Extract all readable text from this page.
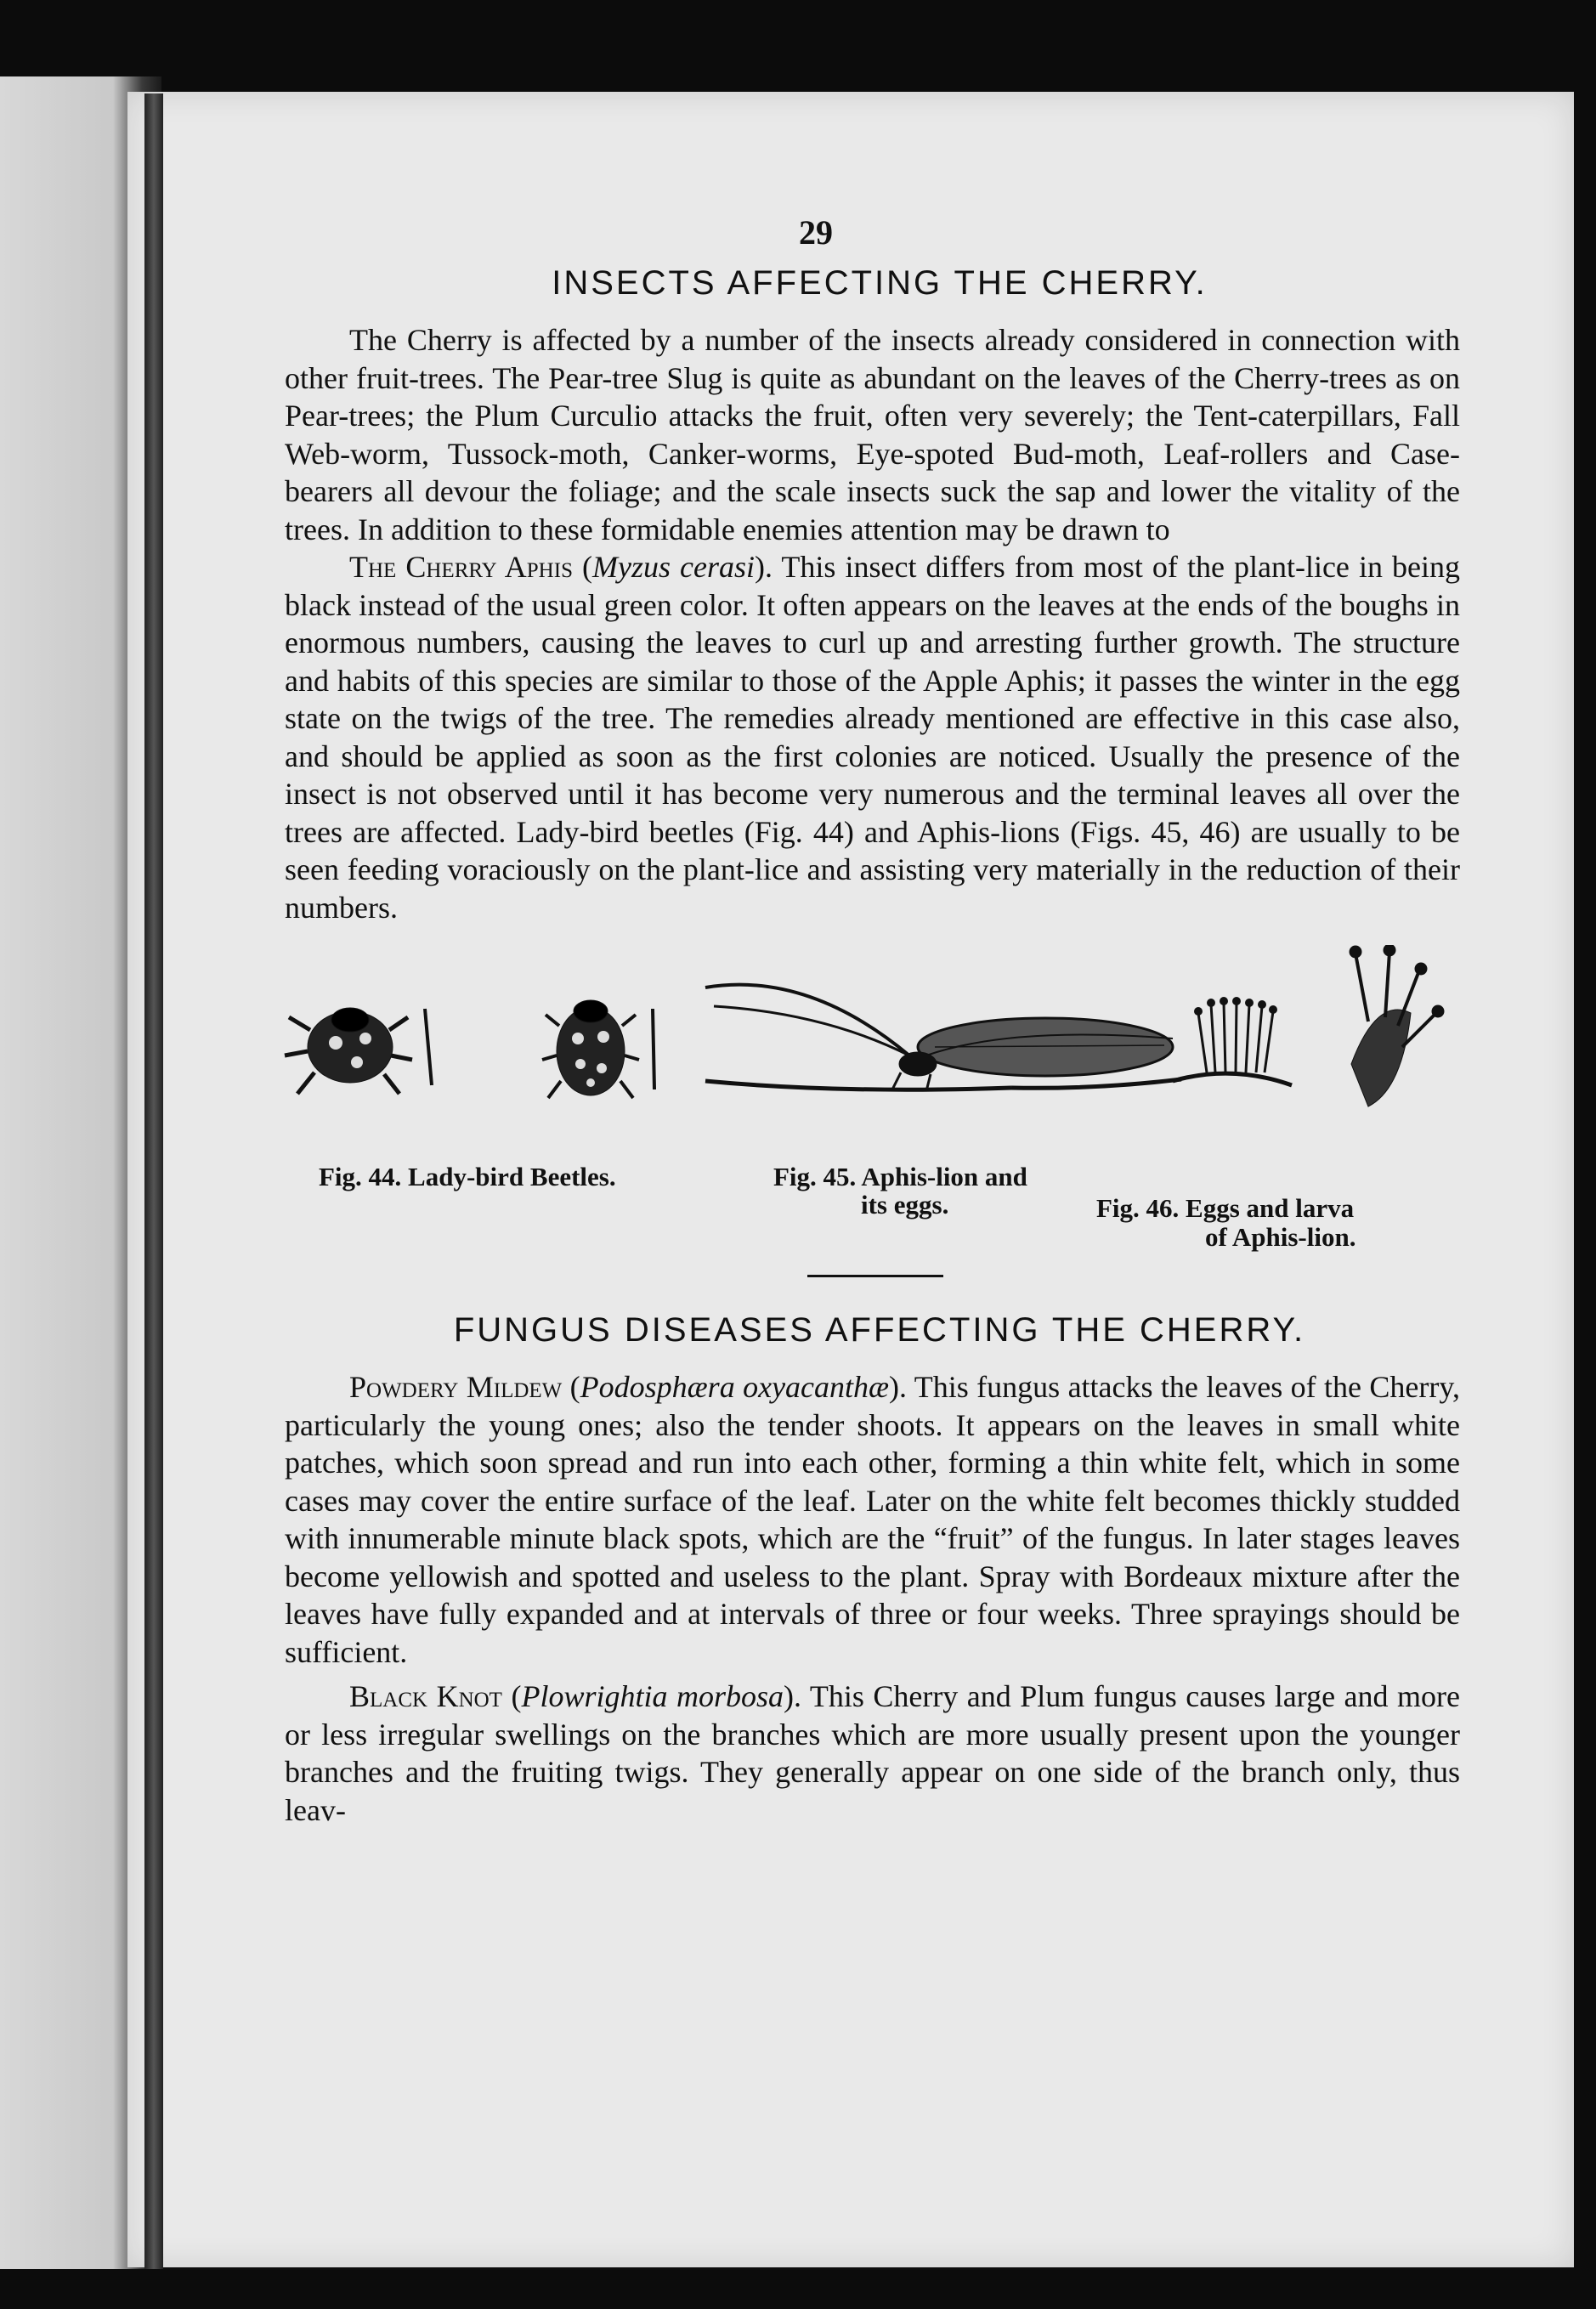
29
INSECTS AFFECTING THE CHERRY.

The Cherry is affected by a number of the insects already considered in connection with other fruit-trees. The Pear-tree Slug is quite as abundant on the leaves of the Cherry-trees as on Pear-trees; the Plum Curculio attacks the fruit, often very severely; the Tent-caterpillars, Fall Web-worm, Tussock-moth, Canker-worms, Eye-spoted Bud-moth, Leaf-rollers and Case-bearers all devour the foliage; and the scale insects suck the sap and lower the vitality of the trees. In addition to these formidable enemies attention may be drawn to

The Cherry Aphis (Myzus cerasi). This insect differs from most of the plant-lice in being black instead of the usual green color. It often appears on the leaves at the ends of the boughs in enormous numbers, causing the leaves to curl up and arresting further growth. The structure and habits of this species are similar to those of the Apple Aphis; it passes the winter in the egg state on the twigs of the tree. The remedies already mentioned are effective in this case also, and should be applied as soon as the first colonies are noticed. Usually the presence of the insect is not observed until it has become very numerous and the terminal leaves all over the trees are affected. Lady-bird beetles (Fig. 44) and Aphis-lions (Figs. 45, 46) are usually to be seen feeding voraciously on the plant-lice and assisting very materially in the reduction of their numbers.

Fig. 44. Lady-bird Beetles.	Fig. 45. Aphis-lion and
its eggs.	Fig. 46. Eggs and larva
of Aphis-lion.
FUNGUS DISEASES AFFECTING THE CHERRY.

Powdery Mildew (Podosphæra oxyacanthæ). This fungus attacks the leaves of the Cherry, particularly the young ones; also the tender shoots. It appears on the leaves in small white patches, which soon spread and run into each other, forming a thin white felt, which in some cases may cover the entire surface of the leaf. Later on the white felt becomes thickly studded with innumerable minute black spots, which are the “fruit” of the fungus. In later stages leaves become yellowish and spotted and useless to the plant. Spray with Bordeaux mixture after the leaves have fully expanded and at intervals of three or four weeks. Three sprayings should be sufficient.

Black Knot (Plowrightia morbosa). This Cherry and Plum fungus causes large and more or less irregular swellings on the branches which are more usually present upon the younger branches and the fruiting twigs. They generally appear on one side of the branch only, thus leav-
